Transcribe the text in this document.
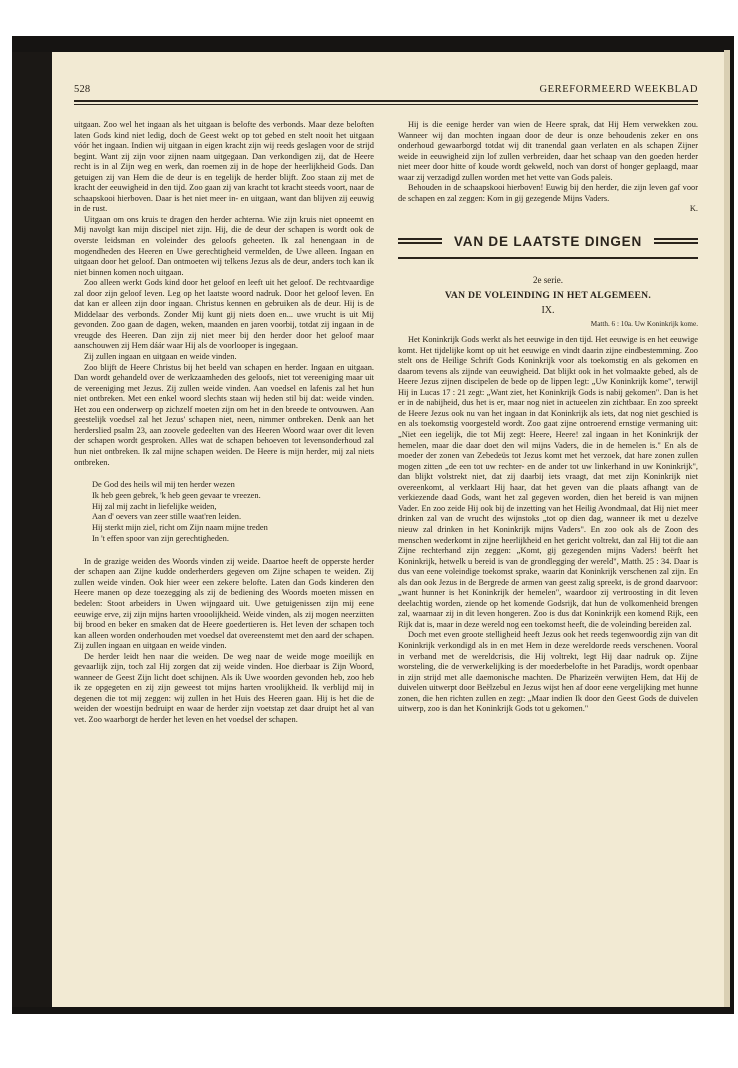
528	GEREFORMEERD WEEKBLAD

uitgaan. Zoo wel het ingaan als het uitgaan is belofte des verbonds. Maar deze beloften laten Gods kind niet ledig, doch de Geest wekt op tot gebed en stelt nooit het uitgaan vóór het ingaan. Indien wij uitgaan in eigen kracht zijn wij reeds geslagen voor de strijd begint. Want zij zijn voor zijnen naam uitgegaan. Dan verkondigen zij, dat de Heere recht is in al Zijn weg en werk, dan roemen zij in de hope der heerlijkheid Gods. Dan getuigen zij van Hem die de deur is en tegelijk de herder blijft. Zoo staan zij met de kracht der eeuwigheid in den tijd. Zoo gaan zij van kracht tot kracht steeds voort, naar de schaapskooi hierboven. Daar is het niet meer in- en uitgaan, want dan blijven zij eeuwig in de rust.

Uitgaan om ons kruis te dragen den herder achterna. Wie zijn kruis niet opneemt en Mij navolgt kan mijn discipel niet zijn. Hij, die de deur der schapen is wordt ook de overste leidsman en voleinder des geloofs geheeten. Ik zal henengaan in de mogendheden des Heeren en Uwe gerechtigheid vermelden, de Uwe alleen. Ingaan en uitgaan door het geloof. Dan ontmoeten wij telkens Jezus als de deur, anders toch kan ik niet binnen komen noch uitgaan.

Zoo alleen werkt Gods kind door het geloof en leeft uit het geloof. De rechtvaardige zal door zijn geloof leven. Leg op het laatste woord nadruk. Door het geloof leven. En dat kan er alleen zijn door ingaan. Christus kennen en gebruiken als de deur. Hij is de Middelaar des verbonds. Zonder Mij kunt gij niets doen en... uwe vrucht is uit Mij gevonden. Zoo gaan de dagen, weken, maanden en jaren voorbij, totdat zij ingaan in de vreugde des Heeren. Dan zijn zij niet meer bij den herder door het geloof maar aanschouwen zij Hem dáár waar Hij als de voorlooper is ingegaan.

Zij zullen ingaan en uitgaan en weide vinden.

Zoo blijft de Heere Christus bij het beeld van schapen en herder. Ingaan en uitgaan. Dan wordt gehandeld over de werkzaamheden des geloofs, niet tot vereeniging maar uit de vereeniging met Jezus. Zij zullen weide vinden. Aan voedsel en lafenis zal het hun niet ontbreken. Met een enkel woord slechts staan wij heden stil bij dat: weide vinden. Het zou een onderwerp op zichzelf moeten zijn om het in den breede te ontvouwen. Aan geestelijk voedsel zal het Jezus' schapen niet, neen, nimmer ontbreken. Denk aan het herderslied psalm 23, aan zoovele gedeelten van des Heeren Woord waar over dit leven der schapen wordt gesproken. Alles wat de schapen behoeven tot levensonderhoud zal hun niet ontbreken. Ik zal mijne schapen weiden. De Heere is mijn herder, mij zal niets ontbreken.

De God des heils wil mij ten herder wezen
Ik heb geen gebrek, 'k heb geen gevaar te vreezen.
Hij zal mij zacht in liefelijke weiden,
Aan d' oevers van zeer stille waat'ren leiden.
Hij sterkt mijn ziel, richt om Zijn naam mijne treden
In 't effen spoor van zijn gerechtigheden.

In de grazige weiden des Woords vinden zij weide. Daartoe heeft de opperste herder der schapen aan Zijne kudde onderherders gegeven om Zijne schapen te weiden. Zij zullen weide vinden. Ook hier weer een zekere belofte. Laten dan Gods kinderen den Heere manen op deze toezegging als zij de bediening des Woords moeten missen en bedelen: Stoot arbeiders in Uwen wijngaard uit. Uwe getuigenissen zijn mij eene eeuwige erve, zij zijn mijns harten vrooolijkheid. Weide vinden, als zij mogen neerzitten bij brood en beker en smaken dat de Heere goedertieren is. Het leven der schapen toch kan alleen worden onderhouden met voedsel dat overeenstemt met den aard der schapen. Zij zullen ingaan en uitgaan en weide vinden.

De herder leidt hen naar die weiden. De weg naar de weide moge moeilijk en gevaarlijk zijn, toch zal Hij zorgen dat zij weide vinden. Hoe dierbaar is Zijn Woord, wanneer de Geest Zijn licht doet schijnen. Als ik Uwe woorden gevonden heb, zoo heb ik ze opgegeten en zij zijn geweest tot mijns harten vroolijkheid. Ik verblijd mij in degenen die tot mij zeggen: wij zullen in het Huis des Heeren gaan. Hij is het die de weiden der woestijn bedruipt en waar de herder zijn voetstap zet daar druipt het al van vet. Zoo waarborgt de herder het leven en het voedsel der schapen.

Hij is die eenige herder van wien de Heere sprak, dat Hij Hem verwekken zou. Wanneer wij dan mochten ingaan door de deur is onze behoudenis zeker en ons onderhoud gewaarborgd totdat wij dit tranendal gaan verlaten en als schapen Zijner weide in eeuwigheid zijn lof zullen verbreiden, daar het schaap van den goeden herder niet meer door hitte of koude wordt gekweld, noch van dorst of honger geplaagd, maar waar zij verzadigd zullen worden met het vette van Gods paleis.

Behouden in de schaapskooi hierboven! Euwig bij den herder, die zijn leven gaf voor de schapen en zal zeggen: Kom in gij gezegende Mijns Vaders.

K.
VAN DE LAATSTE DINGEN
2e serie.
VAN DE VOLEINDING IN HET ALGEMEEN.
IX.
Matth. 6 : 10a. Uw Koninkrijk kome.

Het Koninkrijk Gods werkt als het eeuwige in den tijd. Het eeuwige is en het eeuwige komt. Het tijdelijke komt op uit het eeuwige en vindt daarin zijne eindbestemming. Zoo stelt ons de Heilige Schrift Gods Koninkrijk voor als toekomstig en als gekomen en daarom tevens als zijnde van eeuwigheid. Dat blijkt ook in het volmaakte gebed, als de Heere Jezus zijnen discipelen de bede op de lippen legt: „Uw Koninkrijk kome", terwijl Hij in Lucas 17 : 21 zegt: „Want ziet, het Koninkrijk Gods is nabij gekomen". Dan is het er in de nabijheid, dus het is er, maar nog niet in actueelen zin zichtbaar. En zoo spreekt de Heere Jezus ook nu van het ingaan in dat Koninkrijk als iets, dat nog niet geschied is en als toekomstig voorgesteld wordt. Zoo gaat zijne ontroerend ernstige vermaning uit: „Niet een iegelijk, die tot Mij zegt: Heere, Heere! zal ingaan in het Koninkrijk der hemelen, maar die daar doet den wil mijns Vaders, die in de hemelen is." En als de moeder der zonen van Zebedeüs tot Jezus komt met het verzoek, dat hare zonen zullen mogen zitten „de een tot uw rechter- en de ander tot uw linkerhand in uw Koninkrijk", dan blijkt volstrekt niet, dat zij daarbij iets vraagt, dat met zijn Koninkrijk niet overeenkomt, al verklaart Hij haar, dat het geven van die plaats afhangt van de verkiezende daad Gods, want het zal gegeven worden, dien het bereid is van mijnen Vader. En zoo zeide Hij ook bij de inzetting van het Heilig Avondmaal, dat Hij niet meer drinken zal van de vrucht des wijnstoks „tot op dien dag, wanneer ik met u dezelve nieuw zal drinken in het Koninkrijk mijns Vaders". En zoo ook als de Zoon des menschen wederkomt in zijne heerlijkheid en het gericht voltrekt, dan zal Hij tot die aan Zijne rechterhand zijn zeggen: „Komt, gij gezegenden mijns Vaders! beërft het Koninkrijk, hetwelk u bereid is van de grondlegging der wereld", Matth. 25 : 34. Daar is dus van eene voleindige toekomst sprake, waarin dat Koninkrijk verschenen zal zijn. En als dan ook Jezus in de Bergrede de armen van geest zalig spreekt, is de grond daarvoor: „want hunner is het Koninkrijk der hemelen", waardoor zij vertroosting in dit leven deelachtig worden, ziende op het komende Godsrijk, dat hun de volkomenheid brengen zal, waarnaar zij in dit leven hongeren. Zoo is dus dat Koninkrijk een komend Rijk, een Rijk dat is, maar in deze wereld nog een toekomst heeft, die de voleinding bereiden zal.

Doch met even groote stelligheid heeft Jezus ook het reeds tegenwoordig zijn van dit Koninkrijk verkondigd als in en met Hem in deze wereldorde reeds verschenen. Vooral in verband met de wereldcrisis, die Hij voltrekt, legt Hij daar nadruk op. Zijne worsteling, die de verwerkelijking is der moederbelofte in het Paradijs, wordt openbaar in zijn strijd met alle daemonische machten. De Pharizeën verwijten Hem, dat Hij de duivelen uitwerpt door Beëlzebul en Jezus wijst hen af door eene vergelijking met hunne zonen, die hen richten zullen en zegt: „Maar indien Ik door den Geest Gods de duivelen uitwerp, zoo is dan het Koninkrijk Gods tot u gekomen."
